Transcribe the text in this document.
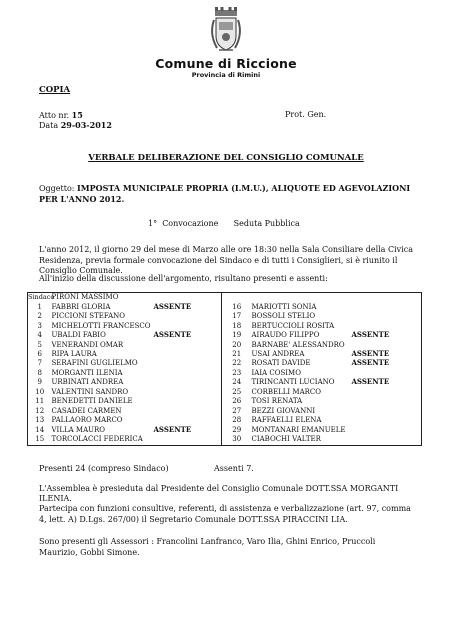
Comune di Riccione
Provincia di Rimini
COPIA
Atto nr. 15	Prot. Gen.
Data 29-03-2012
VERBALE DELIBERAZIONE DEL CONSIGLIO COMUNALE
Oggetto: IMPOSTA MUNICIPALE PROPRIA (I.M.U.), ALIQUOTE ED AGEVOLAZIONI PER L'ANNO 2012.
1° Convocazione Seduta Pubblica
L'anno 2012, il giorno 29 del mese di Marzo alle ore 18:30 nella Sala Consiliare della Civica Residenza, previa formale convocazione del Sindaco e di tutti i Consiglieri, si è riunito il Consiglio Comunale.
All'inizio della discussione dell'argomento, risultano presenti e assenti:
Sindaco	PIRONI MASSIMO				
1	FABBRI GLORIA	ASSENTE	16	MARIOTTI SONIA	
2	PICCIONI STEFANO		17	BOSSOLI STELIO	
3	MICHELOTTI FRANCESCO		18	BERTUCCIOLI ROSITA	
4	UBALDI FABIO	ASSENTE	19	AIRAUDO FILIPPO	ASSENTE
5	VENERANDI OMAR		20	BARNABE' ALESSANDRO	
6	RIPA LAURA		21	USAI ANDREA	ASSENTE
7	SERAFINI GUGLIELMO		22	ROSATI DAVIDE	ASSENTE
8	MORGANTI ILENIA		23	IAIA COSIMO	
9	URBINATI ANDREA		24	TIRINCANTI LUCIANO	ASSENTE
10	VALENTINI SANDRO		25	CORBELLI MARCO	
11	BENEDETTI DANIELE		26	TOSI RENATA	
12	CASADEI CARMEN		27	BEZZI GIOVANNI	
13	PALLAORO MARCO		28	RAFFAELLI ELENA	
14	VILLA MAURO	ASSENTE	29	MONTANARI EMANUELE	
15	TORCOLACCI FEDERICA		30	CIABOCHI VALTER	
Presenti 24 (compreso Sindaco)	Assenti 7.
L'Assemblea è presieduta dal Presidente del Consiglio Comunale DOTT.SSA MORGANTI ILENIA.
Partecipa con funzioni consultive, referenti, di assistenza e verbalizzazione (art. 97, comma 4, lett. A) D.Lgs. 267/00) il Segretario Comunale DOTT.SSA PIRACCINI LIA.
Sono presenti gli Assessori : Francolini Lanfranco, Varo Ilia, Ghini Enrico, Pruccoli Maurizio, Gobbi Simone.
